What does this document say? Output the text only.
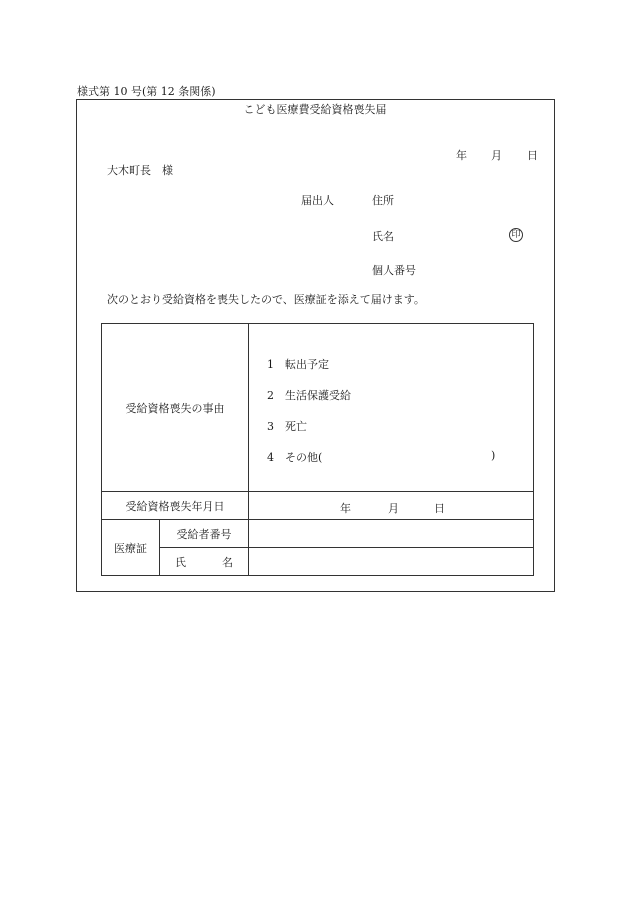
様式第 10 号(第 12 条関係)
こども医療費受給資格喪失届
年 月 日
大木町長　様
届出人	住所
氏名	印
個人番号
次のとおり受給資格を喪失したので、医療証を添えて届けます。
受給資格喪失の事由		1 転出予定
2 生活保護受給
3 死亡
4 その他( )

受給資格喪失年月日		年 月 日

医療証	受給者番号	

	氏 名	
